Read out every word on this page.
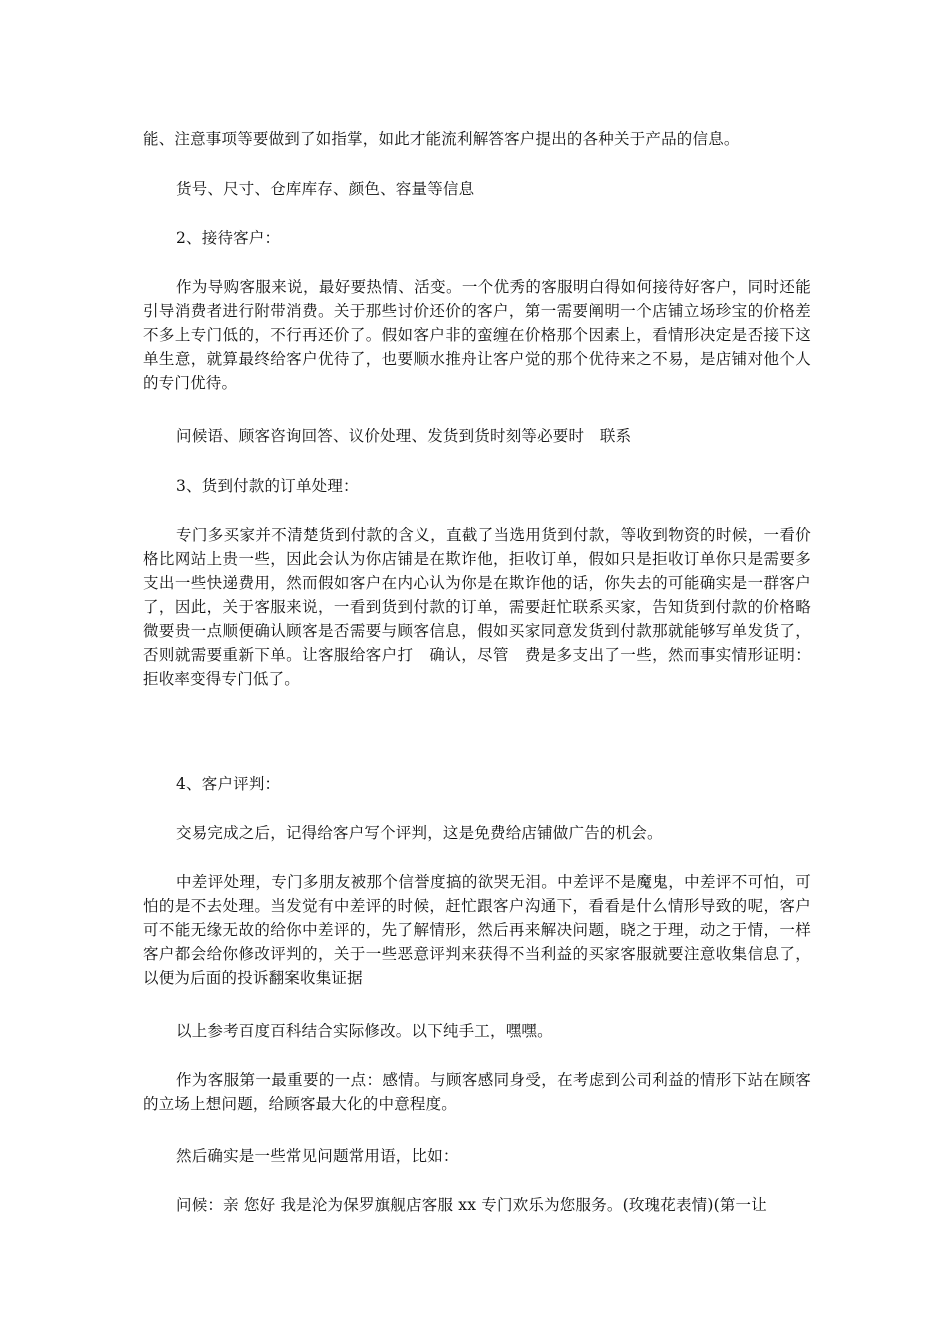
能、注意事项等要做到了如指掌，如此才能流利解答客户提出的各种关于产品的信息。

货号、尺寸、仓库库存、颜色、容量等信息

2、接待客户：

作为导购客服来说，最好要热情、活变。一个优秀的客服明白得如何接待好客户，同时还能引导消费者进行附带消费。关于那些讨价还价的客户，第一需要阐明一个店铺立场珍宝的价格差不多上专门低的，不行再还价了。假如客户非的蛮缠在价格那个因素上，看情形决定是否接下这单生意，就算最终给客户优待了，也要顺水推舟让客户觉的那个优待来之不易，是店铺对他个人的专门优待。

问候语、顾客咨询回答、议价处理、发货到货时刻等必要时　联系

3、货到付款的订单处理：

专门多买家并不清楚货到付款的含义，直截了当选用货到付款，等收到物资的时候，一看价格比网站上贵一些，因此会认为你店铺是在欺诈他，拒收订单，假如只是拒收订单你只是需要多支出一些快递费用，然而假如客户在内心认为你是在欺诈他的话，你失去的可能确实是一群客户了，因此，关于客服来说，一看到货到付款的订单，需要赶忙联系买家，告知货到付款的价格略微要贵一点顺便确认顾客是否需要与顾客信息，假如买家同意发货到付款那就能够写单发货了，否则就需要重新下单。让客服给客户打　确认，尽管　费是多支出了一些，然而事实情形证明：拒收率变得专门低了。

4、客户评判：

交易完成之后，记得给客户写个评判，这是免费给店铺做广告的机会。

中差评处理，专门多朋友被那个信誉度搞的欲哭无泪。中差评不是魔鬼，中差评不可怕，可怕的是不去处理。当发觉有中差评的时候，赶忙跟客户沟通下，看看是什么情形导致的呢，客户可不能无缘无故的给你中差评的，先了解情形，然后再来解决问题，晓之于理，动之于情，一样客户都会给你修改评判的，关于一些恶意评判来获得不当利益的买家客服就要注意收集信息了，以便为后面的投诉翻案收集证据

以上参考百度百科结合实际修改。以下纯手工，嘿嘿。

作为客服第一最重要的一点：感情。与顾客感同身受，在考虑到公司利益的情形下站在顾客的立场上想问题，给顾客最大化的中意程度。

然后确实是一些常见问题常用语，比如：

问候：亲 您好 我是沦为保罗旗舰店客服 xx 专门欢乐为您服务。(玫瑰花表情)(第一让
